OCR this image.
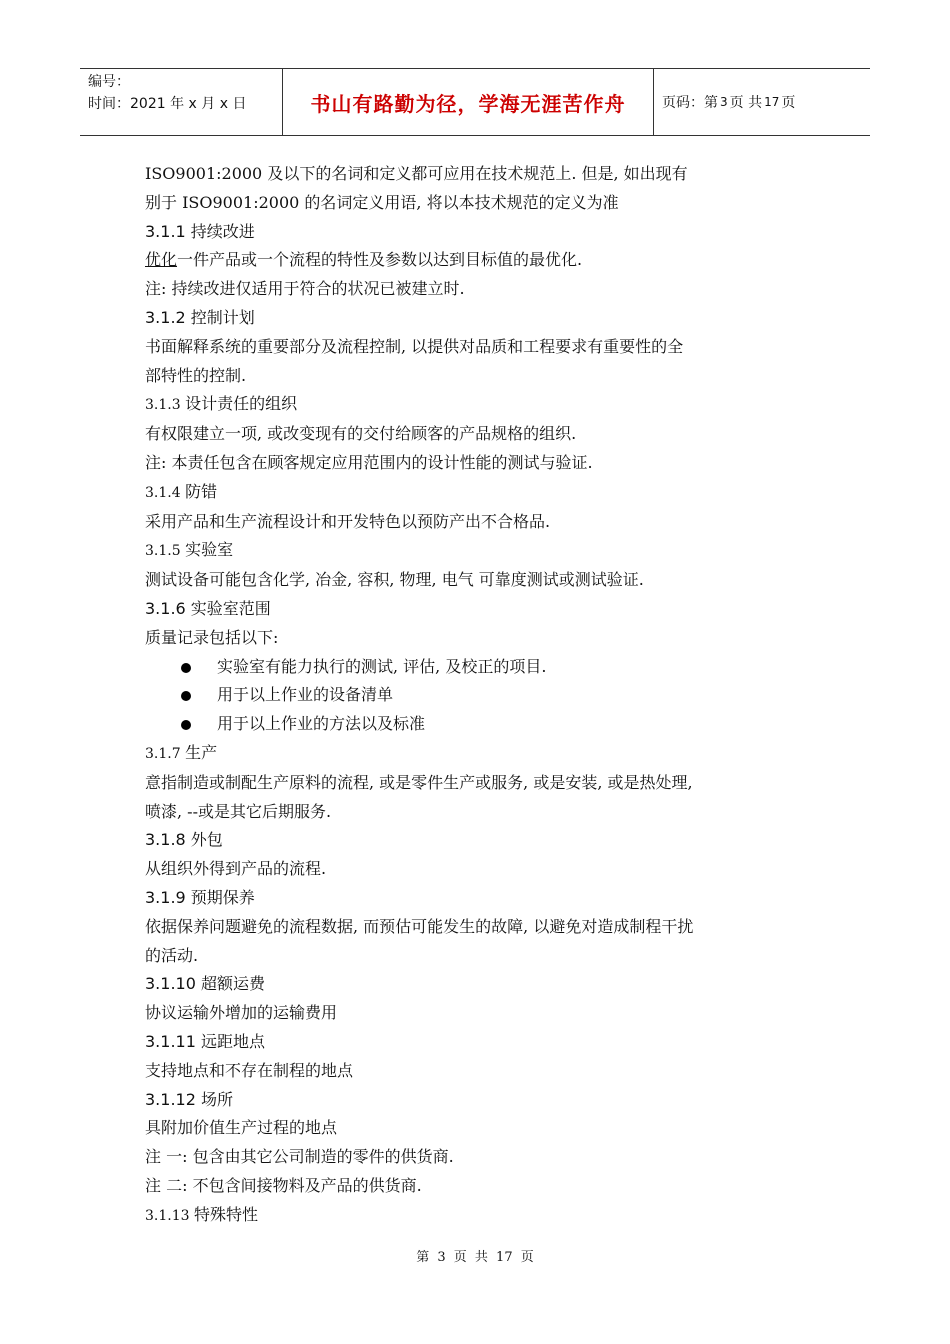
编号：
时间：2021 年 x 月 x 日	书山有路勤为径，学海无涯苦作舟	页码：第 3 页 共 17 页
ISO9001:2000 及以下的名词和定义都可应用在技术规范上. 但是, 如出现有
别于 ISO9001:2000 的名词定义用语, 将以本技术规范的定义为准
3.1.1 持续改进
优化一件产品或一个流程的特性及参数以达到目标值的最优化.
注: 持续改进仅适用于符合的状况已被建立时.
3.1.2 控制计划
书面解释系统的重要部分及流程控制, 以提供对品质和工程要求有重要性的全
部特性的控制.
3.1.3 设计责任的组织
有权限建立一项, 或改变现有的交付给顾客的产品规格的组织.
注: 本责任包含在顾客规定应用范围内的设计性能的测试与验证.
3.1.4 防错
采用产品和生产流程设计和开发特色以预防产出不合格品.
3.1.5 实验室
测试设备可能包含化学, 冶金, 容积, 物理, 电气 可靠度测试或测试验证.
3.1.6 实验室范围
质量记录包括以下:
实验室有能力执行的测试, 评估, 及校正的项目.
用于以上作业的设备清单
用于以上作业的方法以及标准
3.1.7 生产
意指制造或制配生产原料的流程, 或是零件生产或服务, 或是安装, 或是热处理,
喷漆, --或是其它后期服务.
3.1.8 外包
从组织外得到产品的流程.
3.1.9 预期保养
依据保养问题避免的流程数据, 而预估可能发生的故障, 以避免对造成制程干扰
的活动.
3.1.10 超额运费
协议运输外增加的运输费用
3.1.11 远距地点
支持地点和不存在制程的地点
3.1.12 场所
具附加价值生产过程的地点
注 一: 包含由其它公司制造的零件的供货商.
注 二: 不包含间接物料及产品的供货商.
3.1.13 特殊特性
第 3 页 共 17 页
